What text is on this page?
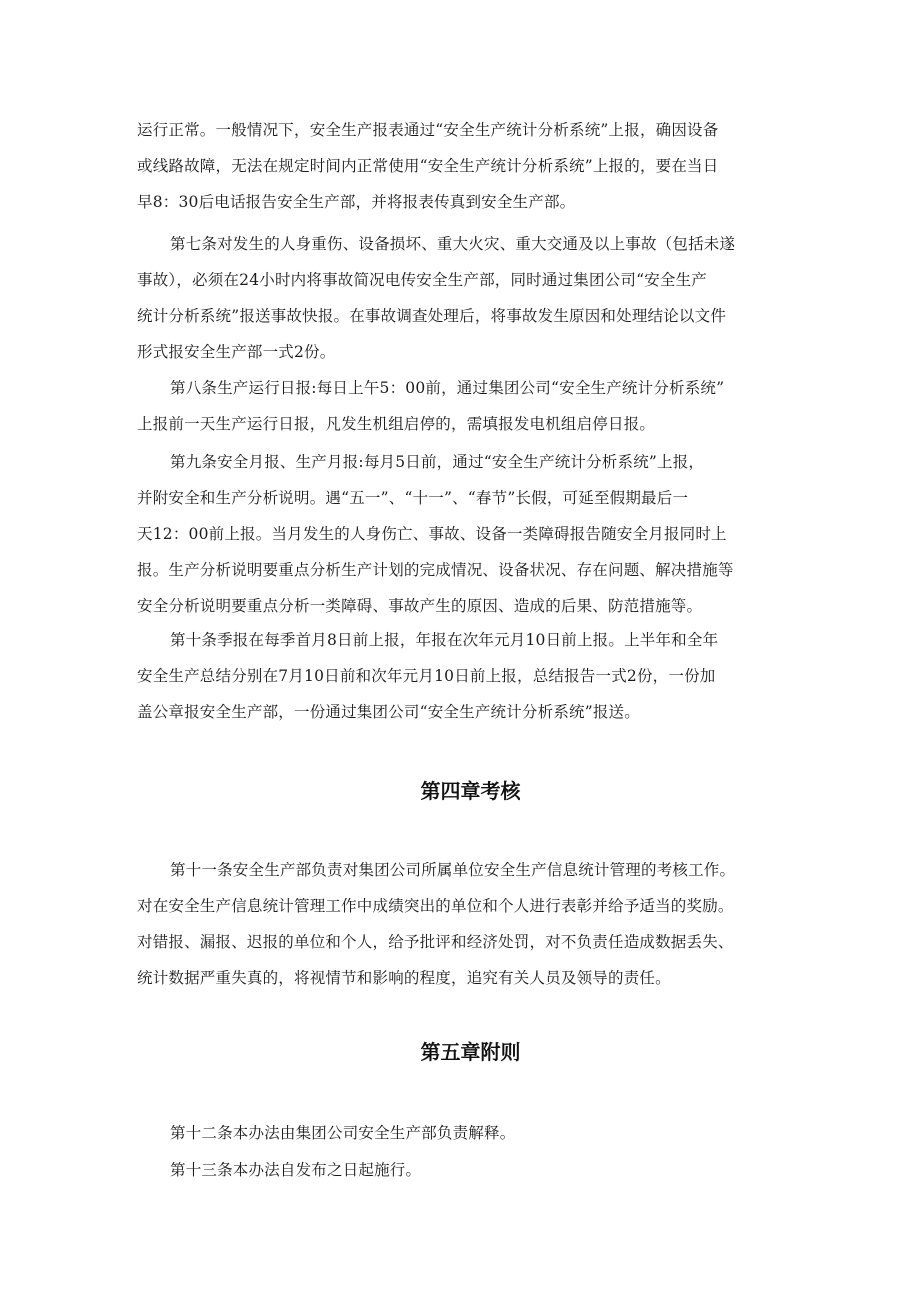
运行正常。一般情况下，安全生产报表通过“安全生产统计分析系统”上报，确因设备
或线路故障，无法在规定时间内正常使用“安全生产统计分析系统”上报的，要在当日
早8：30后电话报告安全生产部，并将报表传真到安全生产部。
第七条对发生的人身重伤、设备损坏、重大火灾、重大交通及以上事故（包括未遂
事故），必须在24小时内将事故简况电传安全生产部，同时通过集团公司“安全生产
统计分析系统”报送事故快报。在事故调查处理后，将事故发生原因和处理结论以文件
形式报安全生产部一式2份。
第八条生产运行日报:每日上午5：00前，通过集团公司“安全生产统计分析系统”
上报前一天生产运行日报，凡发生机组启停的，需填报发电机组启停日报。
第九条安全月报、生产月报:每月5日前，通过“安全生产统计分析系统”上报，
并附安全和生产分析说明。遇“五一”、“十一”、“春节”长假，可延至假期最后一
天12：00前上报。当月发生的人身伤亡、事故、设备一类障碍报告随安全月报同时上
报。生产分析说明要重点分析生产计划的完成情况、设备状况、存在问题、解决措施等
安全分析说明要重点分析一类障碍、事故产生的原因、造成的后果、防范措施等。
第十条季报在每季首月8日前上报，年报在次年元月10日前上报。上半年和全年
安全生产总结分别在7月10日前和次年元月10日前上报，总结报告一式2份，一份加
盖公章报安全生产部，一份通过集团公司“安全生产统计分析系统”报送。
第四章考核
第十一条安全生产部负责对集团公司所属单位安全生产信息统计管理的考核工作。
对在安全生产信息统计管理工作中成绩突出的单位和个人进行表彰并给予适当的奖励。
对错报、漏报、迟报的单位和个人，给予批评和经济处罚，对不负责任造成数据丢失、
统计数据严重失真的，将视情节和影响的程度，追究有关人员及领导的责任。
第五章附则
第十二条本办法由集团公司安全生产部负责解释。
第十三条本办法自发布之日起施行。
